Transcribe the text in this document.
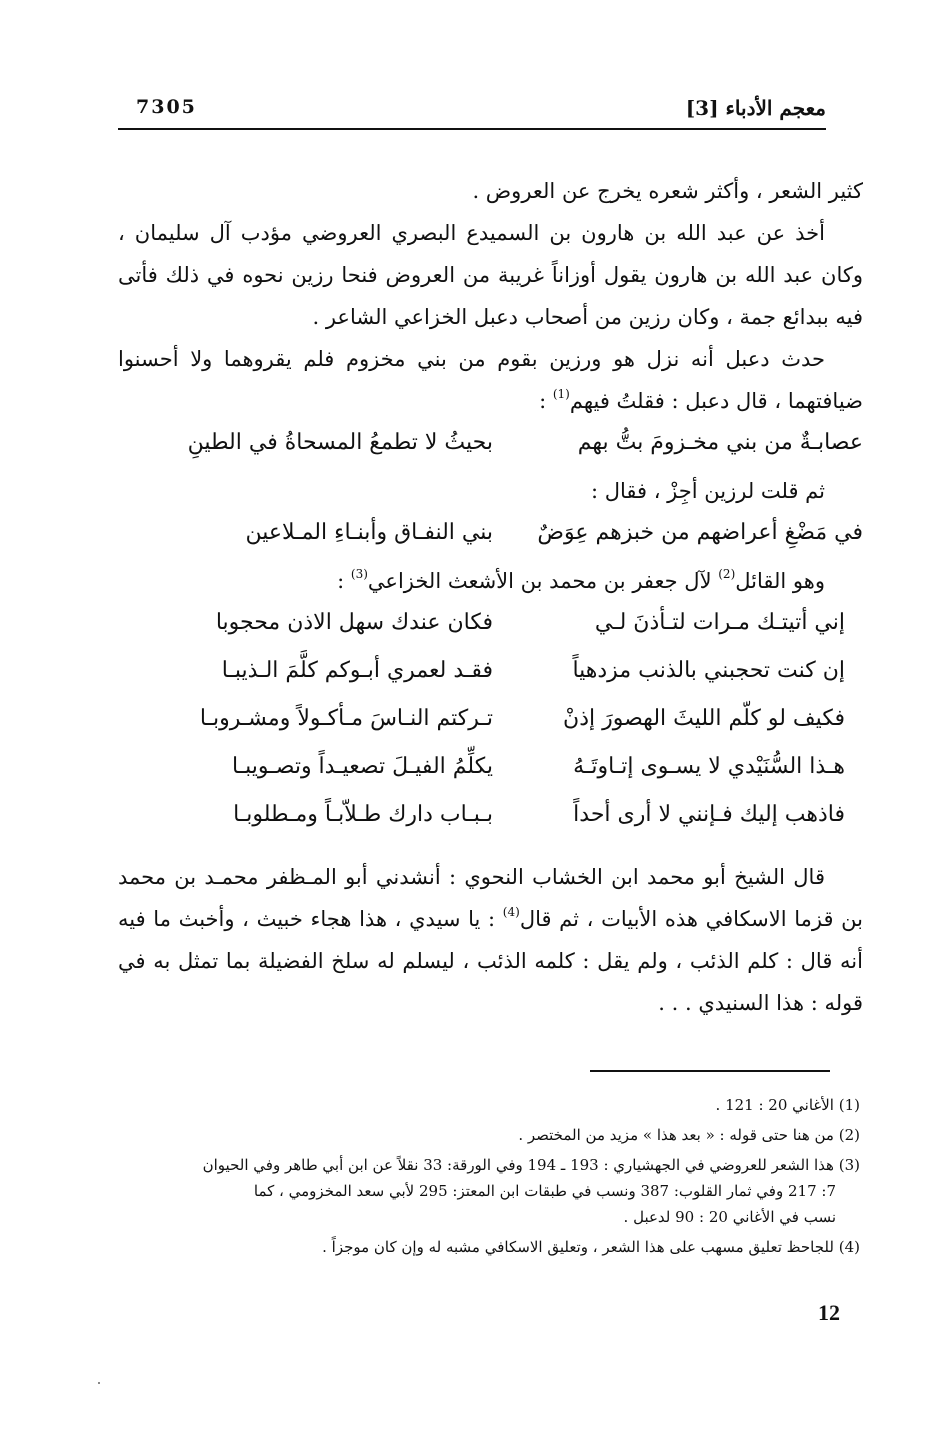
7305	معجم الأدباء [3]

كثير الشعر ، وأكثر شعره يخرج عن العروض .

أخذ عن عبد الله بن هارون بن السميدع البصري العروضي مؤدب آل سليمان ، وكان عبد الله بن هارون يقول أوزاناً غريبة من العروض فنحا رزين نحوه في ذلك فأتى فيه ببدائع جمة ، وكان رزين من أصحاب دعبل الخزاعي الشاعر .

حدث دعبل أنه نزل هو ورزين بقوم من بني مخزوم فلم يقروهما ولا أحسنوا ضيافتهما ، قال دعبل : فقلتُ فيهم$^{(1)}$ :

عصابـةٌ من بني مخـزومَ بتُّ بهم
بحيثُ لا تطمعُ المسحاةُ في الطينِ

ثم قلت لرزين أجِزْ ، فقال :

في مَضْغِ أعراضهم من خبزهم عِوَضٌ
بني النفـاق وأبنـاءِ المـلاعين

وهو القائل$^{(2)}$ لآل جعفر بن محمد بن الأشعث الخزاعي$^{(3)}$ :

إني أتيتـك مـرات لتـأذنَ لـي
فكان عندك سهل الاذن محجوبا
إن كنت تحجبني بالذنب مزدهياً
فقـد لعمري أبـوكم كلَّمَ الـذيبـا
فكيف لو كلّم الليثَ الهصورَ إذنْ
تـركتم النـاسَ مـأكـولاً ومشـروبـا
هـذا السُّنَيْدي لا يسـوى إتـاوتَـهُ
يكلِّمُ الفيـلَ تصعيـداً وتصـويبـا
فاذهب إليك فـإنني لا أرى أحداً
بـبـاب دارك طـلاّبـاً ومـطلوبـا

قال الشيخ أبو محمد ابن الخشاب النحوي : أنشدني أبو المـظفر محمـد بن محمد بن قزما الاسكافي هذه الأبيات ، ثم قال$^{(4)}$ : يا سيدي ، هذا هجاء خبيث ، وأخبث ما فيه أنه قال : كلم الذئب ، ولم يقل : كلمه الذئب ، ليسلم له سلخ الفضيلة بما تمثل به في قوله : هذا السنيدي . . .

(1) الأغاني 20 : 121 .

(2) من هنا حتى قوله : « بعد هذا » مزيد من المختصر .

(3) هذا الشعر للعروضي في الجهشياري : 193 ـ 194 وفي الورقة: 33 نقلاً عن ابن أبي طاهر وفي الحيوان

7: 217 وفي ثمار القلوب: 387 ونسب في طبقات ابن المعتز: 295 لأبي سعد المخزومي ، كما

نسب في الأغاني 20 : 90 لدعبل .

(4) للجاحظ تعليق مسهب على هذا الشعر ، وتعليق الاسكافي مشبه له وإن كان موجزاً .

12
